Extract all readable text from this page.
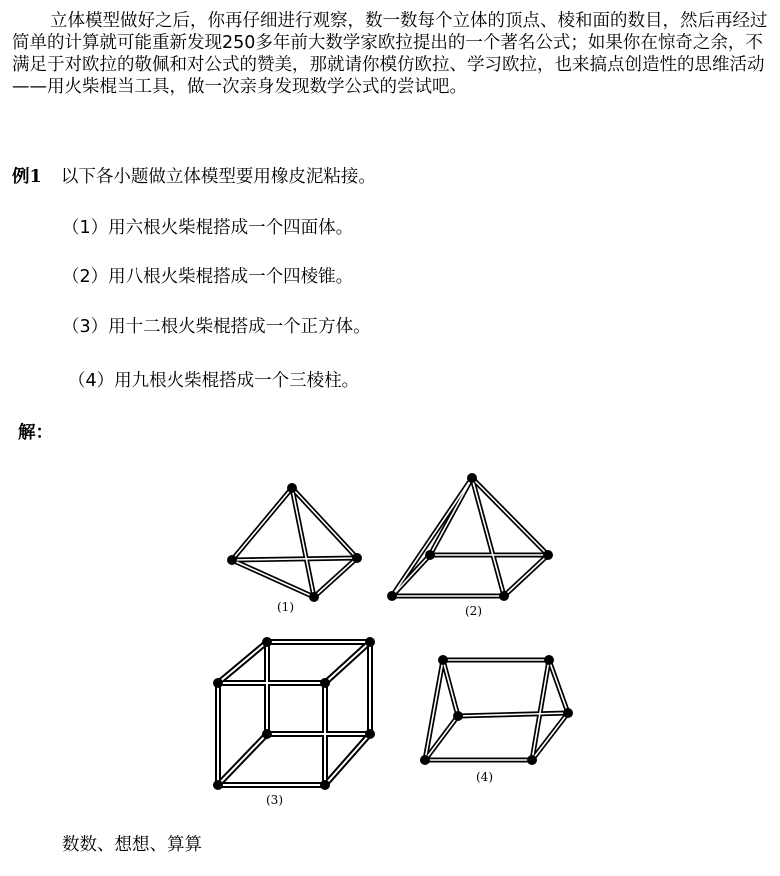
立体模型做好之后，你再仔细进行观察，数一数每个立体的顶点、棱和面的数目，然后再经过简单的计算就可能重新发现250多年前大数学家欧拉提出的一个著名公式；如果你在惊奇之余，不满足于对欧拉的敬佩和对公式的赞美，那就请你模仿欧拉、学习欧拉，也来搞点创造性的思维活动——用火柴棍当工具，做一次亲身发现数学公式的尝试吧。

例1 以下各小题做立体模型要用橡皮泥粘接。
（1）用六根火柴棍搭成一个四面体。
（2）用八根火柴棍搭成一个四棱锥。
（3）用十二根火柴棍搭成一个正方体。
（4）用九根火柴棍搭成一个三棱柱。
解：
(1)	(2)
(3)
(4)
数数、想想、算算
